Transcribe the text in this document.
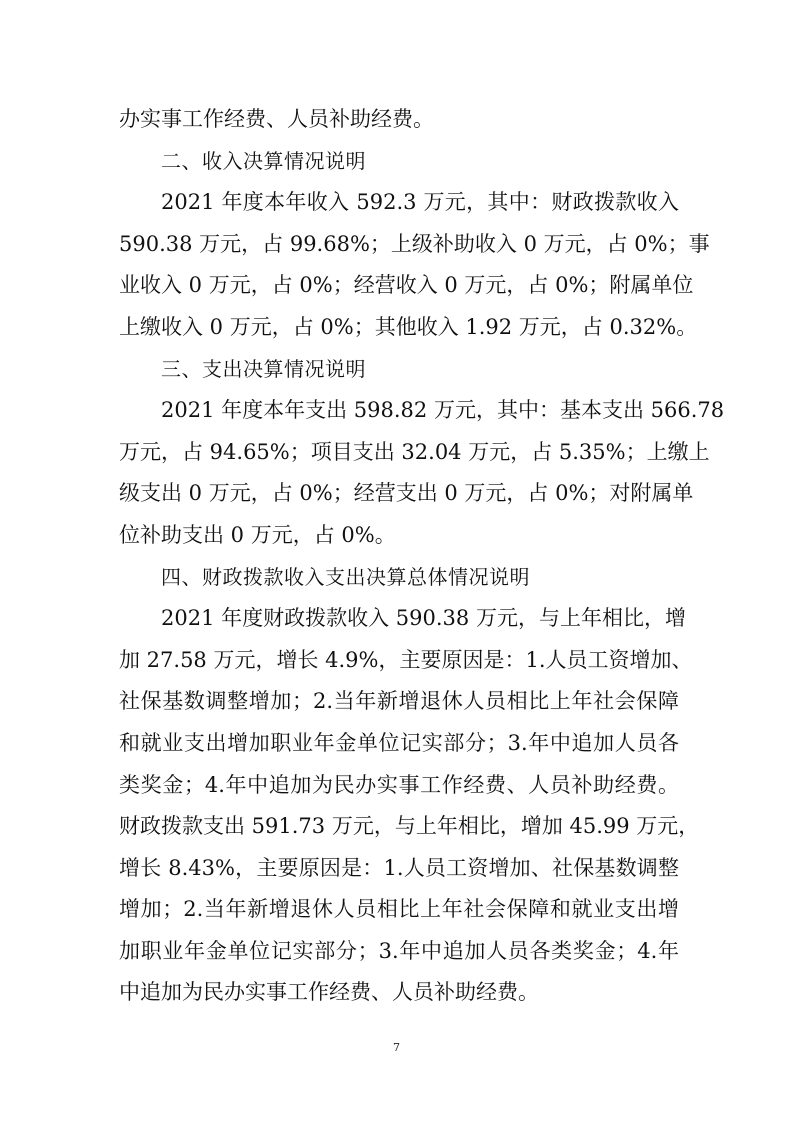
办实事工作经费、人员补助经费。
二、收入决算情况说明
2021 年度本年收入 592.3 万元，其中：财政拨款收入
590.38 万元，占 99.68%；上级补助收入 0 万元，占 0%；事
业收入 0 万元，占 0%；经营收入 0 万元，占 0%；附属单位
上缴收入 0 万元，占 0%；其他收入 1.92 万元，占 0.32%。
三、支出决算情况说明
2021 年度本年支出 598.82 万元，其中：基本支出 566.78
万元，占 94.65%；项目支出 32.04 万元，占 5.35%；上缴上
级支出 0 万元，占 0%；经营支出 0 万元，占 0%；对附属单
位补助支出 0 万元，占 0%。
四、财政拨款收入支出决算总体情况说明
2021 年度财政拨款收入 590.38 万元，与上年相比，增
加 27.58 万元，增长 4.9%，主要原因是：1.人员工资增加、
社保基数调整增加；2.当年新增退休人员相比上年社会保障
和就业支出增加职业年金单位记实部分；3.年中追加人员各
类奖金；4.年中追加为民办实事工作经费、人员补助经费。
财政拨款支出 591.73 万元，与上年相比，增加 45.99 万元，
增长 8.43%，主要原因是：1.人员工资增加、社保基数调整
增加；2.当年新增退休人员相比上年社会保障和就业支出增
加职业年金单位记实部分；3.年中追加人员各类奖金；4.年
中追加为民办实事工作经费、人员补助经费。
7
